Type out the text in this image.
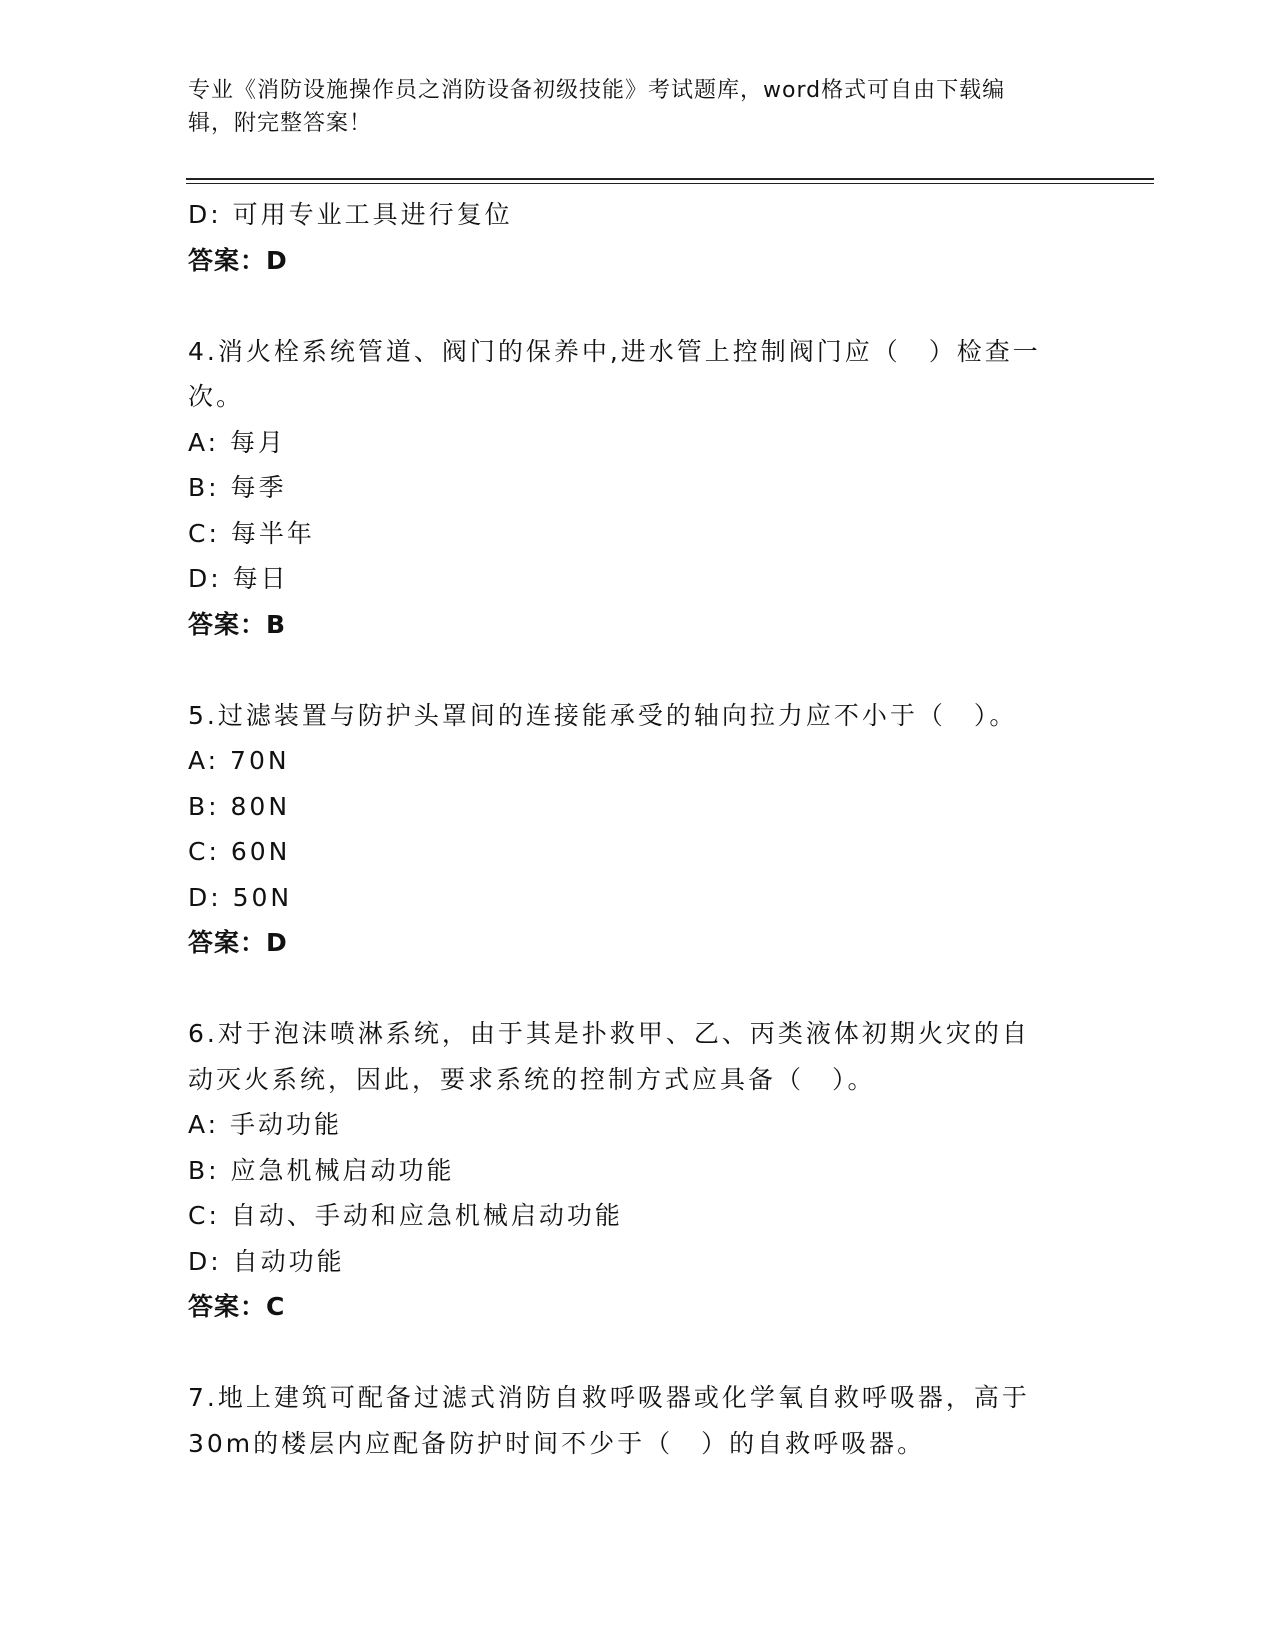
专业《消防设施操作员之消防设备初级技能》考试题库，word格式可自由下载编
辑，附完整答案！
D: 可用专业工具进行复位
答案：D
4.消火栓系统管道、阀门的保养中,进水管上控制阀门应（　）检查一
次。
A: 每月
B: 每季
C: 每半年
D: 每日
答案：B
5.过滤装置与防护头罩间的连接能承受的轴向拉力应不小于（　）。
A: 70N
B: 80N
C: 60N
D: 50N
答案：D
6.对于泡沫喷淋系统，由于其是扑救甲、乙、丙类液体初期火灾的自
动灭火系统，因此，要求系统的控制方式应具备（　）。
A: 手动功能
B: 应急机械启动功能
C: 自动、手动和应急机械启动功能
D: 自动功能
答案：C
7.地上建筑可配备过滤式消防自救呼吸器或化学氧自救呼吸器，高于
30m的楼层内应配备防护时间不少于（　）的自救呼吸器。
